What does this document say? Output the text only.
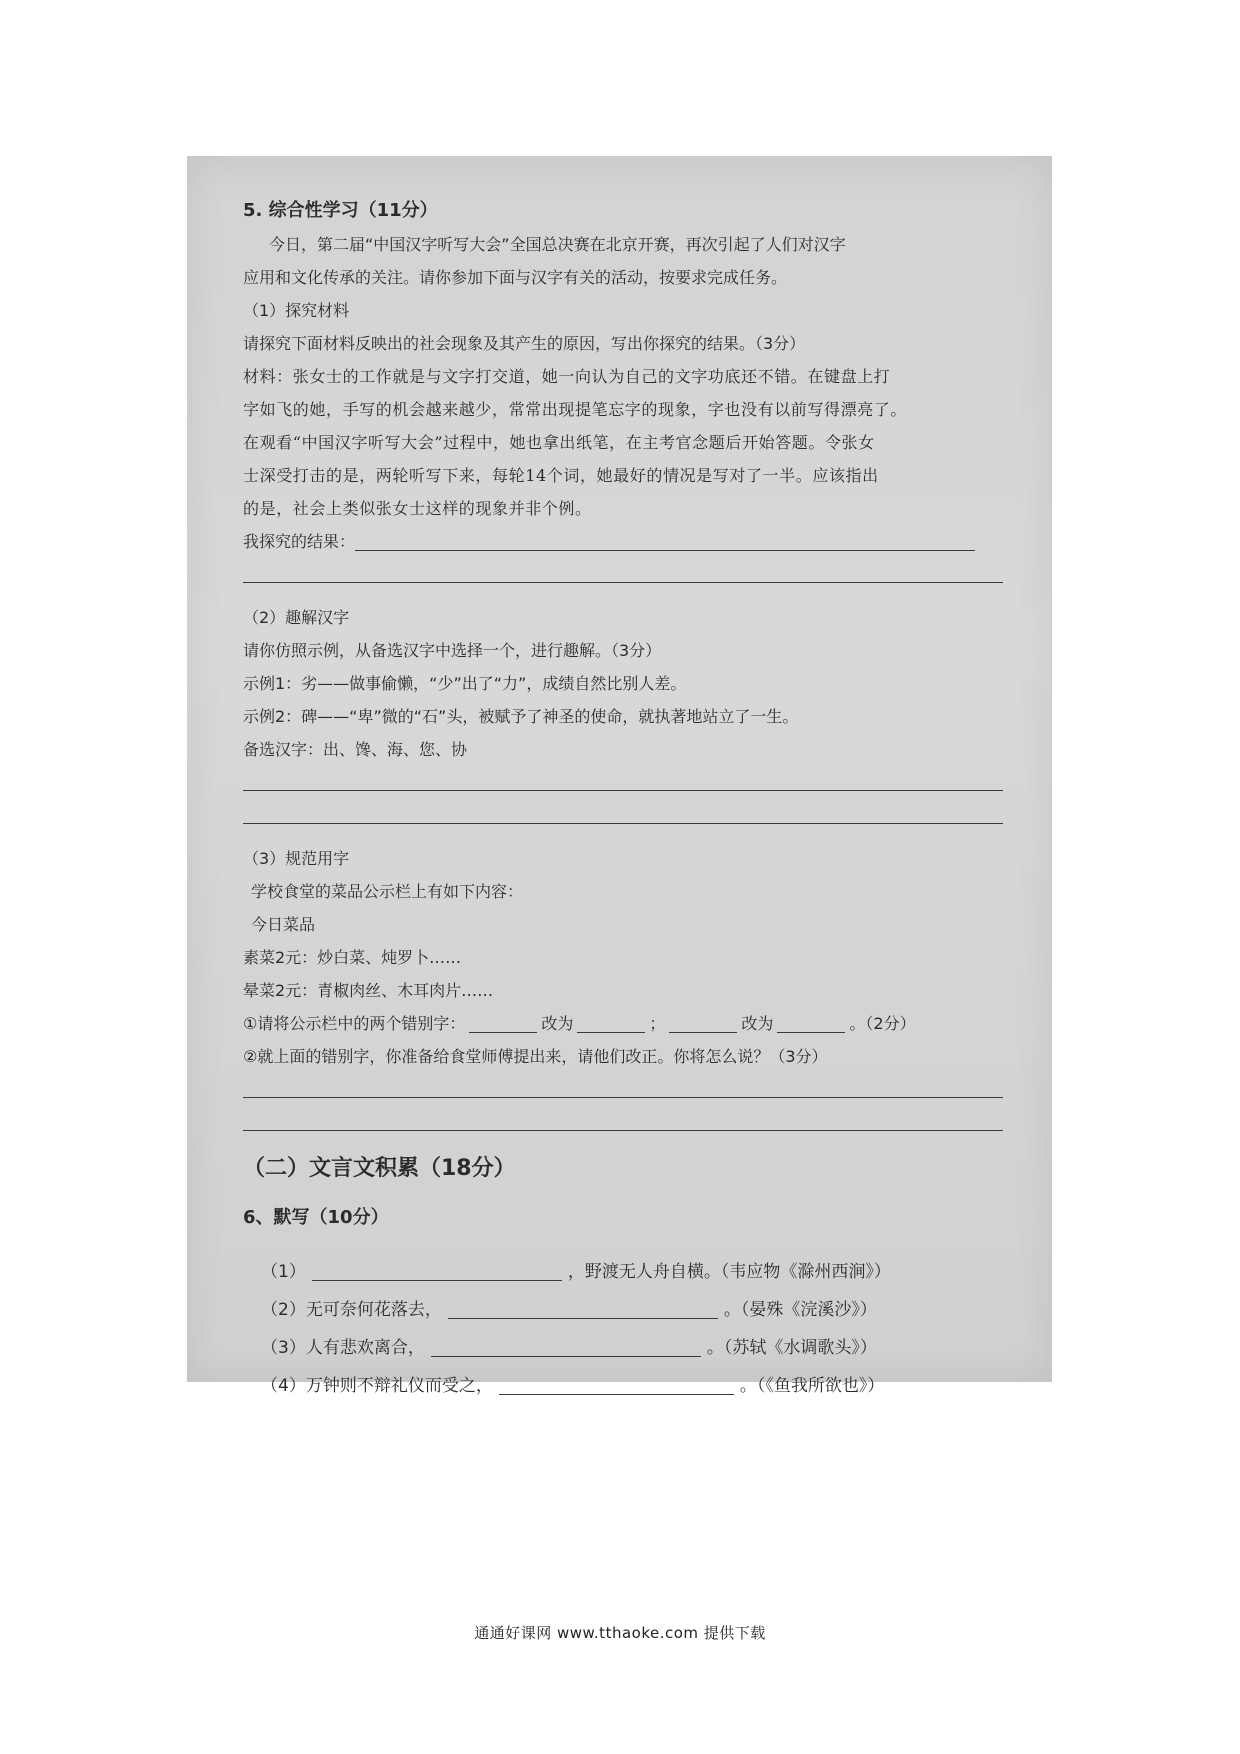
5. 综合性学习（11分）
今日，第二届“中国汉字听写大会”全国总决赛在北京开赛，再次引起了人们对汉字
应用和文化传承的关注。请你参加下面与汉字有关的活动，按要求完成任务。
（1）探究材料
请探究下面材料反映出的社会现象及其产生的原因，写出你探究的结果。（3分）
材料：张女士的工作就是与文字打交道，她一向认为自己的文字功底还不错。在键盘上打
字如飞的她，手写的机会越来越少，常常出现提笔忘字的现象，字也没有以前写得漂亮了。
在观看“中国汉字听写大会”过程中，她也拿出纸笔，在主考官念题后开始答题。令张女
士深受打击的是，两轮听写下来，每轮14个词，她最好的情况是写对了一半。应该指出
的是，社会上类似张女士这样的现象并非个例。
我探究的结果：
（2）趣解汉字
请你仿照示例，从备选汉字中选择一个，进行趣解。（3分）
示例1：劣——做事偷懒，“少”出了“力”，成绩自然比别人差。
示例2：碑——“卑”微的“石”头，被赋予了神圣的使命，就执著地站立了一生。
备选汉字：出、馋、海、您、协
（3）规范用字
学校食堂的菜品公示栏上有如下内容：
今日菜品
素菜2元：炒白菜、炖罗卜……
晕菜2元：青椒肉丝、木耳肉片……
①请将公示栏中的两个错别字：	改为	；	改为	。（2分）
②就上面的错别字，你准备给食堂师傅提出来，请他们改正。你将怎么说？（3分）
（二）文言文积累（18分）
6、默写（10分）
（1）	，野渡无人舟自横。（韦应物《滁州西涧》）
（2）无可奈何花落去，	。（晏殊《浣溪沙》）
（3）人有悲欢离合，	。（苏轼《水调歌头》）
（4）万钟则不辩礼仪而受之，	。（《鱼我所欲也》）
通通好课网 www.tthaoke.com 提供下载
